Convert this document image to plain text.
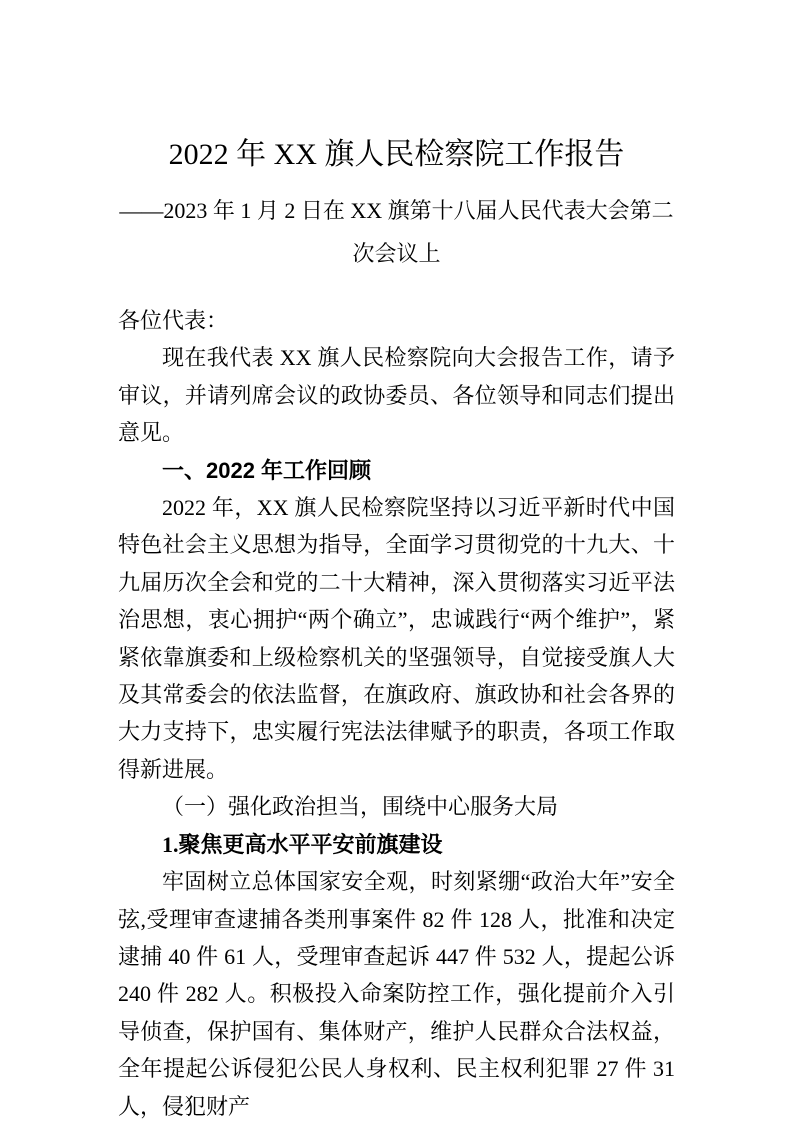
2022 年 XX 旗人民检察院工作报告
——2023 年 1 月 2 日在 XX 旗第十八届人民代表大会第二次会议上

各位代表：

现在我代表 XX 旗人民检察院向大会报告工作，请予审议，并请列席会议的政协委员、各位领导和同志们提出意见。

一、2022 年工作回顾

2022 年，XX 旗人民检察院坚持以习近平新时代中国特色社会主义思想为指导，全面学习贯彻党的十九大、十九届历次全会和党的二十大精神，深入贯彻落实习近平法治思想，衷心拥护“两个确立”，忠诚践行“两个维护”，紧紧依靠旗委和上级检察机关的坚强领导，自觉接受旗人大及其常委会的依法监督，在旗政府、旗政协和社会各界的大力支持下，忠实履行宪法法律赋予的职责，各项工作取得新进展。

（一）强化政治担当，围绕中心服务大局

1.聚焦更高水平平安前旗建设

牢固树立总体国家安全观，时刻紧绷“政治大年”安全弦,受理审查逮捕各类刑事案件 82 件 128 人，批准和决定逮捕 40 件 61 人，受理审查起诉 447 件 532 人，提起公诉 240 件 282 人。积极投入命案防控工作，强化提前介入引导侦查，保护国有、集体财产，维护人民群众合法权益，全年提起公诉侵犯公民人身权利、民主权利犯罪 27 件 31 人，侵犯财产
